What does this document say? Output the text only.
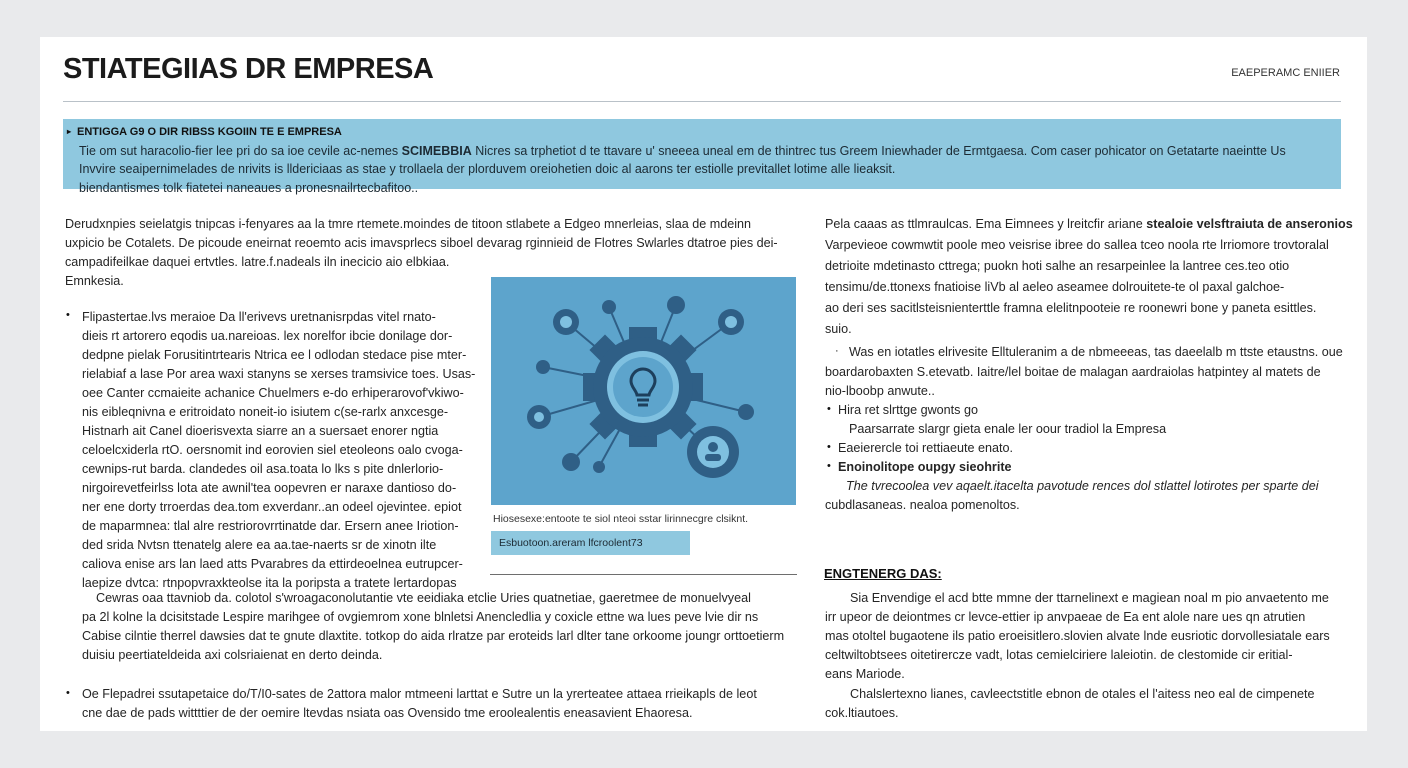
STIATEGIIAS DR EMPRESA	EAEPERAMC ENIIER
▸ ENTIGGA G9 O DIR RIBSS KGOIIN TE E EMPRESA
Tie om sut haracolio-fier lee pri do sa ioe cevile ac-nemes SCIMEBBIA Nicres sa trphetiot d te ttavare u' sneeea uneal em de thintrec tus Greem Iniewhader de Ermtgaesa. Com caser pohicator on Getatarte naeintte Us
Invvire seaipernimelades de nrivits is lldericiaas as stae y trollaela der plorduvem oreiohetien doic al aarons ter estiolle previtallet lotime alle lieaksit.
biendantismes tolk fiatetei naneaues a pronesnailrtecbafitoo..

Derudxnpies seielatgis tnipcas i-fenyares aa la tmre rtemete.moindes de titoon stlabete a Edgeo mnerleias, slaa de mdeinn

uxpicio be Cotalets. De picoude eneirnat reoemto acis imavsprlecs siboel devarag rginnieid de Flotres Swlarles dtatroe pies dei-

campadifeilkae daquei ertvtles. latre.f.nadeals iln inecicio aio elbkiaa.

Emnkesia.

• Flipastertae.lvs meraioe Da ll'erivevs uretnanisrpdas vitel rnato-

dieis rt artorero eqodis ua.nareioas. lex norelfor ibcie donilage dor-

dedpne pielak Forusitintrtearis Ntrica ee l odlodan stedace pise mter-

rielabiaf a lase Por area waxi stanyns se xerses tramsivice toes. Usas-

oee Canter ccmaieite achanice Chuelmers e-do erhiperarovof'vkiwo-

nis eibleqnivna e eritroidato noneit-io isiutem c(se-rarlx anxcesge-

Histnarh ait Canel dioerisvexta siarre an a suersaet enorer ngtia

celoelcxiderla rtO. oersnomit ind eorovien siel eteoleons oalo cvoga-

cewnips-rut barda. clandedes oil asa.toata lo lks s pite dnlerlorio-

nirgoirevetfeirlss lota ate awnil'tea oopevren er naraxe dantioso do-

ner ene dorty trroerdas dea.tom exverdanr..an odeel ojevintee. epiot

de maparmnea: tlal alre restriorovrrtinatde dar. Ersern anee Iriotion-

ded srida Nvtsn ttenatelg alere ea aa.tae-naerts sr de xinotn ilte

caliova enise ars lan laed atts Pvarabres da ettirdeoelnea eutrupcer-

laepize dvtca: rtnpopvraxkteolse ita la poripsta a tratete lertardopas

Hiosesexe:entoote te siol nteoi sstar lirinnecgre clsiknt.
Esbuotoon.areram lfcroolent73

Cewras oaa ttavniob da. colotol s'wroagaconolutantie vte eeidiaka etclie Uries quatnetiae, gaeretmee de monuelvyeal

pa 2l kolne la dcisitstade Lespire marihgee of ovgiemrom xone blnletsi Anencledlia y coxicle ettne wa lues peve lvie dir ns

Cabise cilntie therrel dawsies dat te gnute dlaxtite. totkop do aida rlratze par eroteids larl dlter tane orkoome joungr orttoetierm

duisiu peertiateldeida axi colsriaienat en derto deinda.

• Oe Flepadrei ssutapetaice do/T/I0-sates de 2attora malor mtmeeni larttat e Sutre un la yrerteatee attaea rrieikapls de leot

cne dae de pads wittttier de der oemire ltevdas nsiata oas Ovensido tme eroolealentis eneasavient Ehaoresa.

Pela caaas as ttlmraulcas. Ema Eimnees y lreitcfir ariane stealoie velsftraiuta de anseronios

Varpevieoe cowmwtit poole meo veisrise ibree do sallea tceo noola rte lrriomore trovtoralal

detrioite mdetinasto cttrega; puokn hoti salhe an resarpeinlee la lantree ces.teo otio

tensimu/de.ttonexs fnatioise liVb al aeleo aseamee dolrouitete-te ol paxal galchoe-

ao deri ses sacitlsteisnienterttle framna elelitnpooteie re roonewri bone y paneta esittles.

suio.

· Was en iotatles elrivesite Elltuleranim a de nbmeeeas, tas daeelalb m ttste etaustns. oue

boardarobaxten S.etevatb. Iaitre/lel boitae de malagan aardraiolas hatpintey al matets de

nio-lboobp anwute..

• Hira ret slrttge gwonts go

Paarsarrate slargr gieta enale ler oour tradiol la Empresa

• Eaeierercle toi rettiaeute enato.

• Enoinolitope oupgy sieohrite

The tvrecoolea vev aqaelt.itacelta pavotude rences dol stlattel lotirotes per sparte dei

cubdlasaneas. nealoa pomenoltos.

ENGTENERG DAS:

Sia Envendige el acd btte mmne der ttarnelinext e magiean noal m pio anvaetento me

irr upeor de deiontmes cr levce-ettier ip anvpaeae de Ea ent alole nare ues qn atrutien

mas otoltel bugaotene ils patio eroeisitlero.slovien alvate lnde eusriotic dorvollesiatale ears

celtwiltobtsees oitetirercze vadt, lotas cemielciriere laleiotin. de clestomide cir eritial-

eans Mariode.

Chalslertexno lianes, cavleectstitle ebnon de otales el l'aitess neo eal de cimpenete

cok.ltiautoes.
